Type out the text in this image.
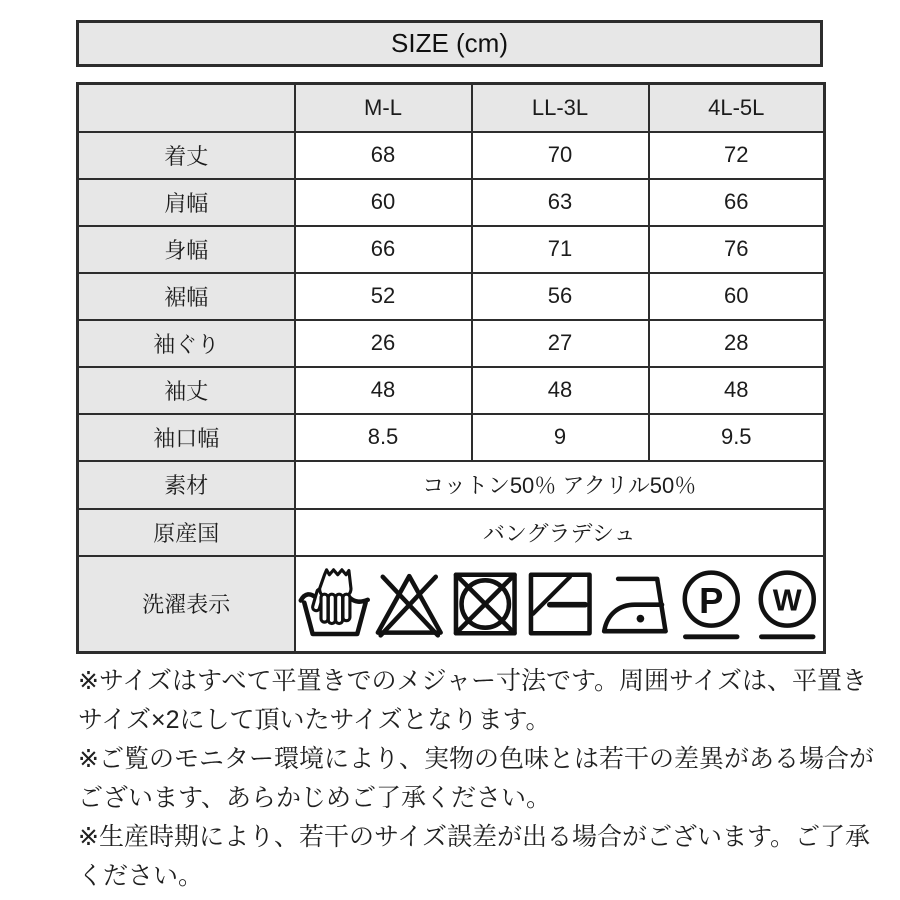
SIZE (cm)
	M-L	LL-3L	4L-5L
着丈	68	70	72
肩幅	60	63	66
身幅	66	71	76
裾幅	52	56	60
袖ぐり	26	27	28
袖丈	48	48	48
袖口幅	8.5	9	9.5
素材	コットン50％ アクリル50％		
原産国	バングラデシュ		
洗濯表示	P W		
※サイズはすべて平置きでのメジャー寸法です。周囲サイズは、平置き
サイズ×2にして頂いたサイズとなります。
※ご覧のモニター環境により、実物の色味とは若干の差異がある場合が
ございます、あらかじめご了承ください。
※生産時期により、若干のサイズ誤差が出る場合がございます。ご了承
ください。
